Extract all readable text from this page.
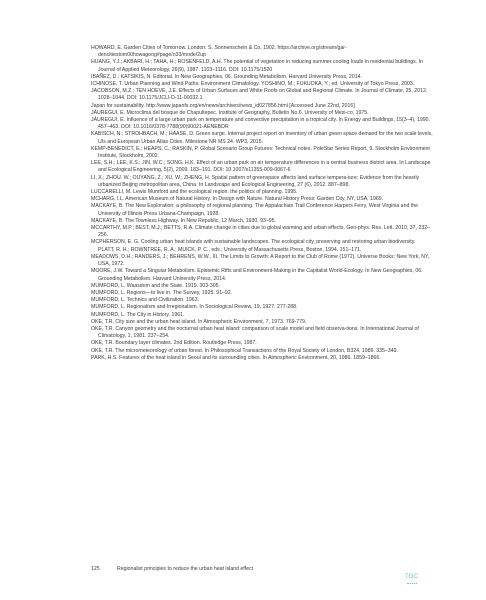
HOWARD, E. Garden Cities of Tomorrow. London: S. Sonnenschein & Co, 1902. https://archive.org/stream/gar-dencitiestom00howagoog#page/n33/mode/2up

HUANG, Y.J.; AKBARI, H.; TAHA, H.; ROSENFELD, A.H. The potential of vegetation in reducing summer cooling loads in residential buildings. In Journal of Applied Meteorology, 26(9), 1987. 1103–1116. DOI: 10.1175/1520

IBAÑEZ, D.; KATSIKIS, N. Editorial. In New Geographies, 06. Grounding Metabolism. Harvard University Press, 2014.

ICHINOSE, T. Urban Planning and Wind Paths. Environment Climatology. YOSHINO, M.; FUKUOKA, Y.; ed. University of Tokyo Press, 2003.

JACOBSON, M.Z.; TEN HOEVE, J.E. Effects of Urban Surfaces and White Roofs on Global and Regional Climate. In Journal of Climate, 25, 2012. 1028–1044. DOI: 10.1175/JCLI-D-11-00032.1

Japan for sustainability. http://www.japanfs.org/en/news/archives/news_id027856.html [Accessed June 22nd, 2016]

JÁUREGUI, E. Microclima del bosque de Chapultepec. Institute of Geography, Bulletin No.6. University of Mexi-co, 1975.

JÁUREGUI, E. Influence of a large urban park on temperature and convective precipitation in a tropical city. In Energy and Buildings, 15(3–4), 1990. 457–463. DOI: 10.1016/0378-7788(90)90021-AENEBDR

KABISCH, N.; STROHBACH, M.; HAASE, D. Green surge. Internal project report on inventory of urban green space demand for the two scale levels, UIs and European Urban Atlas Cities. Milestone NR MS 24. WP3, 2015.

KEMP-BENEDICT, E.; HEAPS, C.; RASKIN, P. Global Scenario Group Futures: Technical notes. PoleStar Series Report, 9. Stockholm Environment Institute, Stockholm, 2002.

LEE, S.H.; LEE, K.S.; JIN, W.C.; SONG, H.K. Effect of an urban park on air temperature differences in a central business district area. In Landscape and Ecological Engineering, 5(2), 2009. 183–191. DOI: 10.1007/s11355-009-0067-6

LI, X.; ZHOU, W.; OUYANG, Z.; XU, W.; ZHENG, H. Spatial pattern of greenspace affects land surface tempera-ture: Evidence from the heavily urbanized Beijing metropolitan area, China. In Landscape and Ecological Engineering, 27 (6), 2012. 887–898.

LUCCARELLI, M. Lewis Mumford and the ecological region: the politics of planning. 1995.

MCHARG, I.L. American Museum of Natural History. In Design with Nature. Natural History Press: Garden City, NY, USA, 1969.

MACKAYE, B. The New Exploration: a philosophy of regional planning. The Appalachian Trail Conference Harpers Ferry, West Virginia and the University of Illinois Press Urbana-Champaign, 1928.

MACKAYE, B. The Townless Highway. In New Republic, 12 March, 1930. 93–95.

MCCARTHY, M.P.; BEST, M.J.; BETTS, R.A. Climate change in cities due to global warming and urban effects. Geo-phys. Res. Lett. 2010, 37, 232–256.

MCPHERSON, E. G. Cooling urban heat islands with sustainable landscapes. The ecological city, preserving and restoring urban biodiversity. PLATT, R. H.; ROWNTREE, R. A.; MUICK, P. C., eds.; University of Massachusetts Press, Boston, 1994. 151–171.

MEADOWS, D.H.; RANDERS, J.; BEHRENS, W.W., III. The Limits to Growth: A Report to the Club of Rome (1972). Universe Books: New York, NY, USA, 1972.

MOORE, J.W. Toward a Singular Metabolism. Epistemic Rifts and Environment-Making in the Capitalist World-Ecology. In New Geographies, 06. Grounding Metabolism. Harvard University Press, 2014.

MUMFORD, L. Waasdom and the State. 1919. 303-305.

MUMFORD, L. Regions—to live in. The Survey, 1925. 91–92.

MUMFORD, L. Technics and Civilization. 1963.

MUMFORD, L. Regionalism and Irregionalism. In Sociological Review, 19, 1927. 277-288.

MUMFORD, L. The City in History. 1961.

OKE, T.R. City size and the urban heat island. In Atmospheric Environment, 7, 1973. 769-779.

OKE, T.R. Canyon geometry and the nocturnal urban heat island: comparison of scale model and field observa-tions. In International Journal of Climatology, 1, 1981. 237–254.

OKE, T.R. Boundary layer climates. 2nd Edition. Routledge Press, 1987.

OKE, T.R. The micrometeorology of urban forest. In Philosophical Transactions of the Royal Society of London, B324, 1989. 335–349.

PARK, H.S. Features of the heat island in Seoul and its surrounding cities. In Atmospheric Environment, 20, 1986. 1859–1866.

125	Regionalist principles to reduce the urban heat island effect
TOC
